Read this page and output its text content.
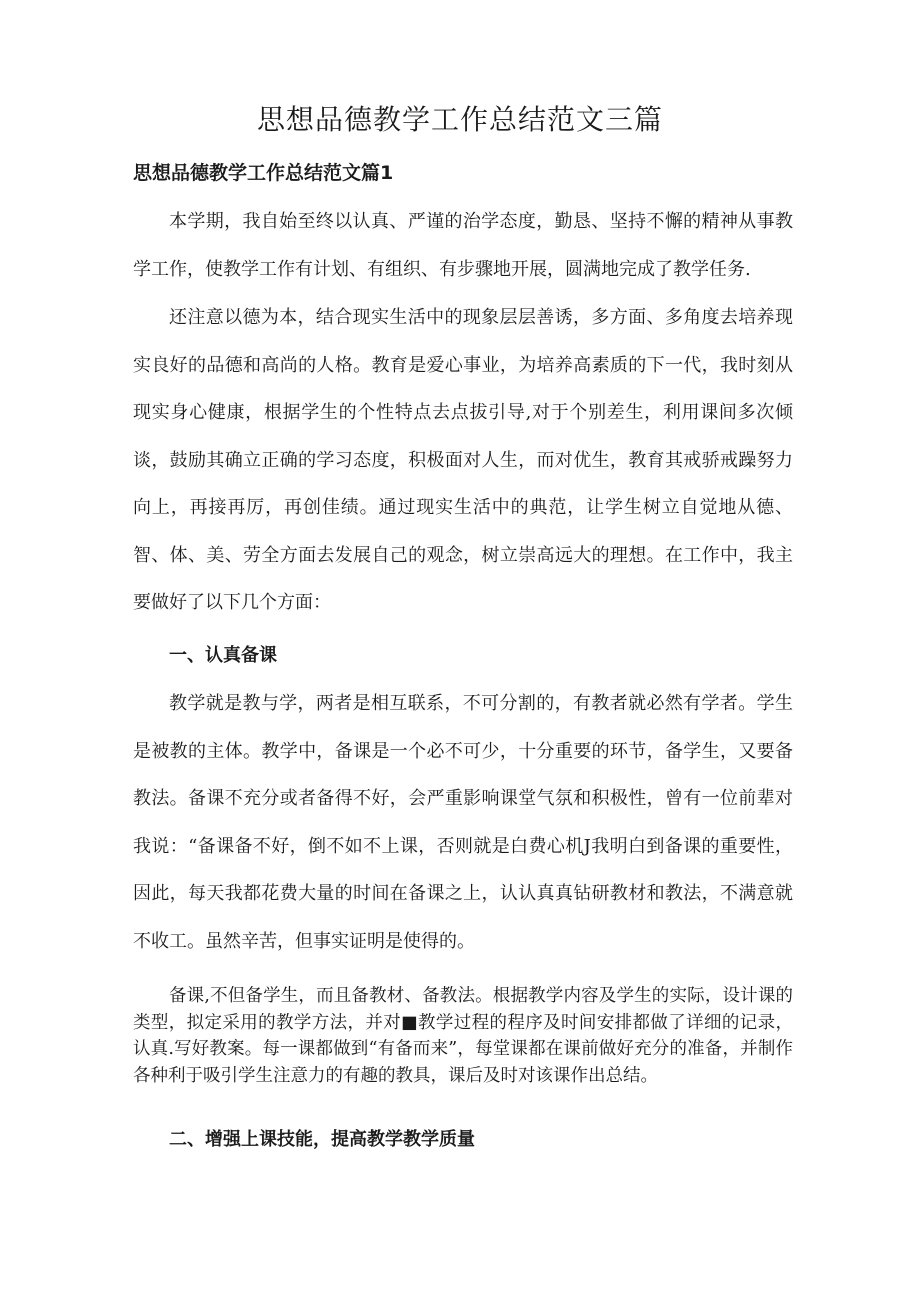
思想品德教学工作总结范文三篇
思想品德教学工作总结范文篇1

本学期，我自始至终以认真、严谨的治学态度，勤恳、坚持不懈的精神从事教学工作，使教学工作有计划、有组织、有步骤地开展，圆满地完成了教学任务.

还注意以德为本，结合现实生活中的现象层层善诱，多方面、多角度去培养现实良好的品德和高尚的人格。教育是爱心事业，为培养高素质的下一代，我时刻从现实身心健康，根据学生的个性特点去点拔引导,对于个别差生，利用课间多次倾谈，鼓励其确立正确的学习态度，积极面对人生，而对优生，教育其戒骄戒躁努力向上，再接再厉，再创佳绩。通过现实生活中的典范，让学生树立自觉地从德、智、体、美、劳全方面去发展自己的观念，树立崇高远大的理想。在工作中，我主要做好了以下几个方面：

一、认真备课

教学就是教与学，两者是相互联系，不可分割的，有教者就必然有学者。学生是被教的主体。教学中，备课是一个必不可少，十分重要的环节，备学生，又要备教法。备课不充分或者备得不好，会严重影响课堂气氛和积极性，曾有一位前辈对我说：“备课备不好，倒不如不上课，否则就是白费心机J我明白到备课的重要性，因此，每天我都花费大量的时间在备课之上，认认真真钻研教材和教法，不满意就不收工。虽然辛苦，但事实证明是使得的。

备课,不但备学生，而且备教材、备教法。根据教学内容及学生的实际，设计课的类型，拟定采用的教学方法，并对■教学过程的程序及时间安排都做了详细的记录，认真.写好教案。每一课都做到“有备而来”，每堂课都在课前做好充分的准备，并制作各种利于吸引学生注意力的有趣的教具，课后及时对该课作出总结。

二、增强上课技能，提高教学教学质量
